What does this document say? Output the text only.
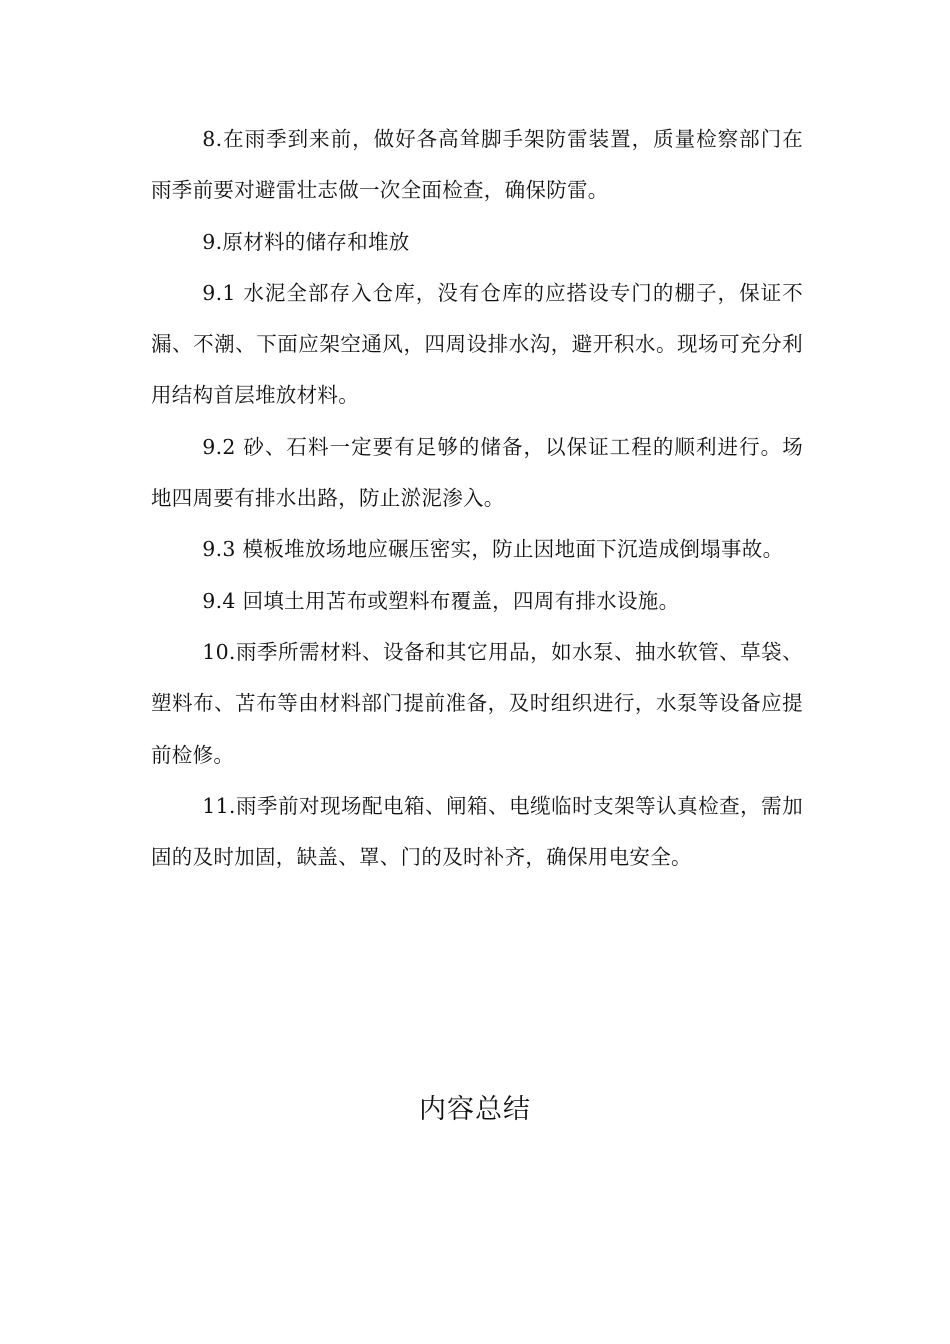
8.在雨季到来前，做好各高耸脚手架防雷装置，质量检察部门在雨季前要对避雷壮志做一次全面检查，确保防雷。

9.原材料的储存和堆放

9.1 水泥全部存入仓库，没有仓库的应搭设专门的棚子，保证不漏、不潮、下面应架空通风，四周设排水沟，避开积水。现场可充分利用结构首层堆放材料。

9.2 砂、石料一定要有足够的储备，以保证工程的顺利进行。场地四周要有排水出路，防止淤泥渗入。

9.3 模板堆放场地应碾压密实，防止因地面下沉造成倒塌事故。

9.4 回填土用苫布或塑料布覆盖，四周有排水设施。

10.雨季所需材料、设备和其它用品，如水泵、抽水软管、草袋、塑料布、苫布等由材料部门提前准备，及时组织进行，水泵等设备应提前检修。

11.雨季前对现场配电箱、闸箱、电缆临时支架等认真检查，需加固的及时加固，缺盖、罩、门的及时补齐，确保用电安全。

内容总结
